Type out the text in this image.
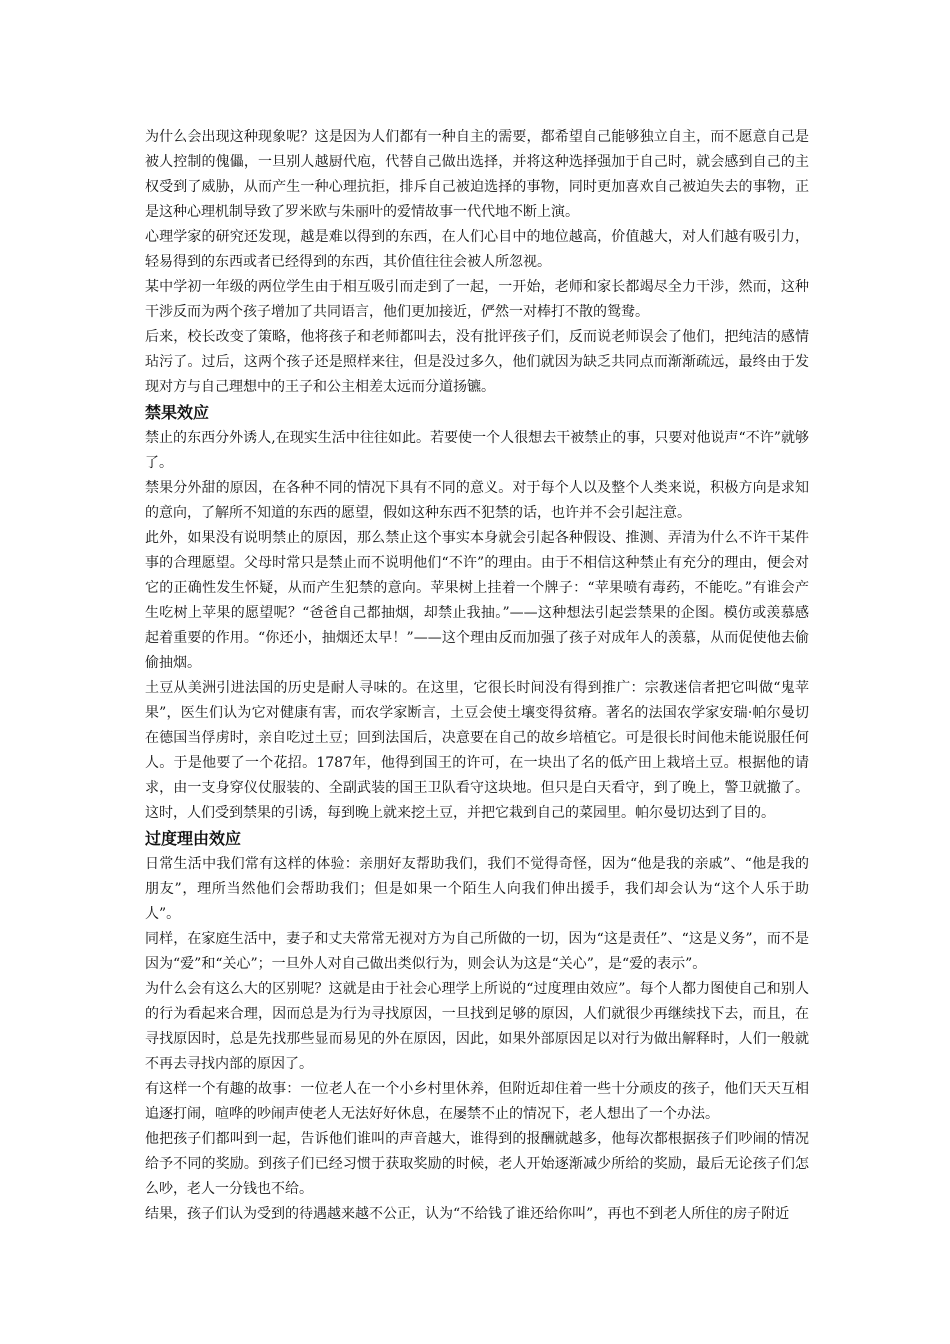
为什么会出现这种现象呢？这是因为人们都有一种自主的需要，都希望自己能够独立自主，而不愿意自己是被人控制的傀儡，一旦别人越厨代庖，代替自己做出选择，并将这种选择强加于自己时，就会感到自己的主权受到了威胁，从而产生一种心理抗拒，排斥自己被迫选择的事物，同时更加喜欢自己被迫失去的事物，正是这种心理机制导致了罗米欧与朱丽叶的爱情故事一代代地不断上演。

心理学家的研究还发现，越是难以得到的东西，在人们心目中的地位越高，价值越大，对人们越有吸引力，轻易得到的东西或者已经得到的东西，其价值往往会被人所忽视。

某中学初一年级的两位学生由于相互吸引而走到了一起，一开始，老师和家长都竭尽全力干涉，然而，这种干涉反而为两个孩子增加了共同语言，他们更加接近，俨然一对棒打不散的鸳鸯。

后来，校长改变了策略，他将孩子和老师都叫去，没有批评孩子们，反而说老师误会了他们，把纯洁的感情玷污了。过后，这两个孩子还是照样来往，但是没过多久，他们就因为缺乏共同点而渐渐疏远，最终由于发现对方与自己理想中的王子和公主相差太远而分道扬镳。

禁果效应

禁止的东西分外诱人,在现实生活中往往如此。若要使一个人很想去干被禁止的事，只要对他说声“不许”就够了。

禁果分外甜的原因，在各种不同的情况下具有不同的意义。对于每个人以及整个人类来说，积极方向是求知的意向，了解所不知道的东西的愿望，假如这种东西不犯禁的话，也许并不会引起注意。

此外，如果没有说明禁止的原因，那么禁止这个事实本身就会引起各种假设、推测、弄清为什么不许干某件事的合理愿望。父母时常只是禁止而不说明他们“不许”的理由。由于不相信这种禁止有充分的理由，便会对它的正确性发生怀疑，从而产生犯禁的意向。苹果树上挂着一个牌子：“苹果喷有毒药，不能吃。”有谁会产生吃树上苹果的愿望呢？“爸爸自己都抽烟，却禁止我抽。”——这种想法引起尝禁果的企图。模仿或羡慕感起着重要的作用。“你还小，抽烟还太早！”——这个理由反而加强了孩子对成年人的羡慕，从而促使他去偷偷抽烟。

土豆从美洲引进法国的历史是耐人寻味的。在这里，它很长时间没有得到推广：宗教迷信者把它叫做“鬼苹果”，医生们认为它对健康有害，而农学家断言，土豆会使土壤变得贫瘠。著名的法国农学家安瑞·帕尔曼切在德国当俘虏时，亲自吃过土豆；回到法国后，决意要在自己的故乡培植它。可是很长时间他未能说服任何人。于是他要了一个花招。1787年，他得到国王的许可，在一块出了名的低产田上栽培土豆。根据他的请求，由一支身穿仪仗服装的、全副武装的国王卫队看守这块地。但只是白天看守，到了晚上，警卫就撤了。这时，人们受到禁果的引诱，每到晚上就来挖土豆，并把它栽到自己的菜园里。帕尔曼切达到了目的。

过度理由效应

日常生活中我们常有这样的体验：亲朋好友帮助我们，我们不觉得奇怪，因为“他是我的亲戚”、“他是我的朋友”，理所当然他们会帮助我们；但是如果一个陌生人向我们伸出援手，我们却会认为“这个人乐于助人”。

同样，在家庭生活中，妻子和丈夫常常无视对方为自己所做的一切，因为“这是责任”、“这是义务”，而不是因为“爱”和“关心”；一旦外人对自己做出类似行为，则会认为这是“关心”，是“爱的表示”。

为什么会有这么大的区别呢？这就是由于社会心理学上所说的“过度理由效应”。每个人都力图使自己和别人的行为看起来合理，因而总是为行为寻找原因，一旦找到足够的原因，人们就很少再继续找下去，而且，在寻找原因时，总是先找那些显而易见的外在原因，因此，如果外部原因足以对行为做出解释时，人们一般就不再去寻找内部的原因了。

有这样一个有趣的故事：一位老人在一个小乡村里休养，但附近却住着一些十分顽皮的孩子，他们天天互相追逐打闹，喧哗的吵闹声使老人无法好好休息，在屡禁不止的情况下，老人想出了一个办法。

他把孩子们都叫到一起，告诉他们谁叫的声音越大，谁得到的报酬就越多，他每次都根据孩子们吵闹的情况给予不同的奖励。到孩子们已经习惯于获取奖励的时候，老人开始逐渐减少所给的奖励，最后无论孩子们怎么吵，老人一分钱也不给。

结果，孩子们认为受到的待遇越来越不公正，认为“不给钱了谁还给你叫”，再也不到老人所住的房子附近
